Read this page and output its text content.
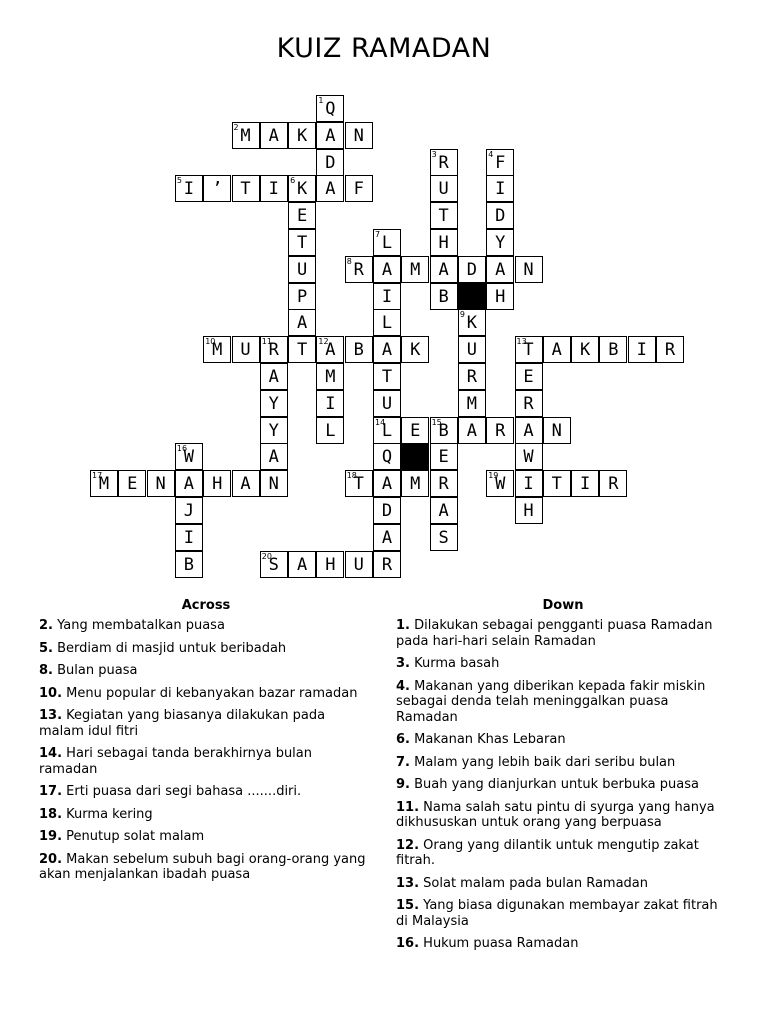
KUIZ RAMADAN
1 Q
2 M	A	K	A	N
D	3 R	4 F
5 I	’	T	I	6 K	A	F	U	I
E	T	D
T	7 L	H	Y
U	8 R	A	M	A	D	A	N
P	I	B	H
A	L	9 K
10
M	U	11
R	T	12
A	B	A	K	U	13
T	A	K	B	I	R
A	M	T	R	E
Y	I	U	M	R
Y	L	14
L	E	15
B	A	R	A	N
16
W	A	Q	E	W
17
M	E	N	A	H	A	N	18
T	A	M	R	19
W	I	T	I	R
J	D	A	H
I	A	S
B	20
S	A	H	U	R
Across
2. Yang membatalkan puasa
5. Berdiam di masjid untuk beribadah
8. Bulan puasa
10. Menu popular di kebanyakan bazar ramadan
13. Kegiatan yang biasanya dilakukan pada malam idul fitri
14. Hari sebagai tanda berakhirnya bulan ramadan
17. Erti puasa dari segi bahasa .......diri.
18. Kurma kering
19. Penutup solat malam
20. Makan sebelum subuh bagi orang-orang yang akan menjalankan ibadah puasa
Down
1. Dilakukan sebagai pengganti puasa Ramadan pada hari-hari selain Ramadan
3. Kurma basah
4. Makanan yang diberikan kepada fakir miskin sebagai denda telah meninggalkan puasa Ramadan
6. Makanan Khas Lebaran
7. Malam yang lebih baik dari seribu bulan
9. Buah yang dianjurkan untuk berbuka puasa
11. Nama salah satu pintu di syurga yang hanya dikhususkan untuk orang yang berpuasa
12. Orang yang dilantik untuk mengutip zakat fitrah.
13. Solat malam pada bulan Ramadan
15. Yang biasa digunakan membayar zakat fitrah di Malaysia
16. Hukum puasa Ramadan
